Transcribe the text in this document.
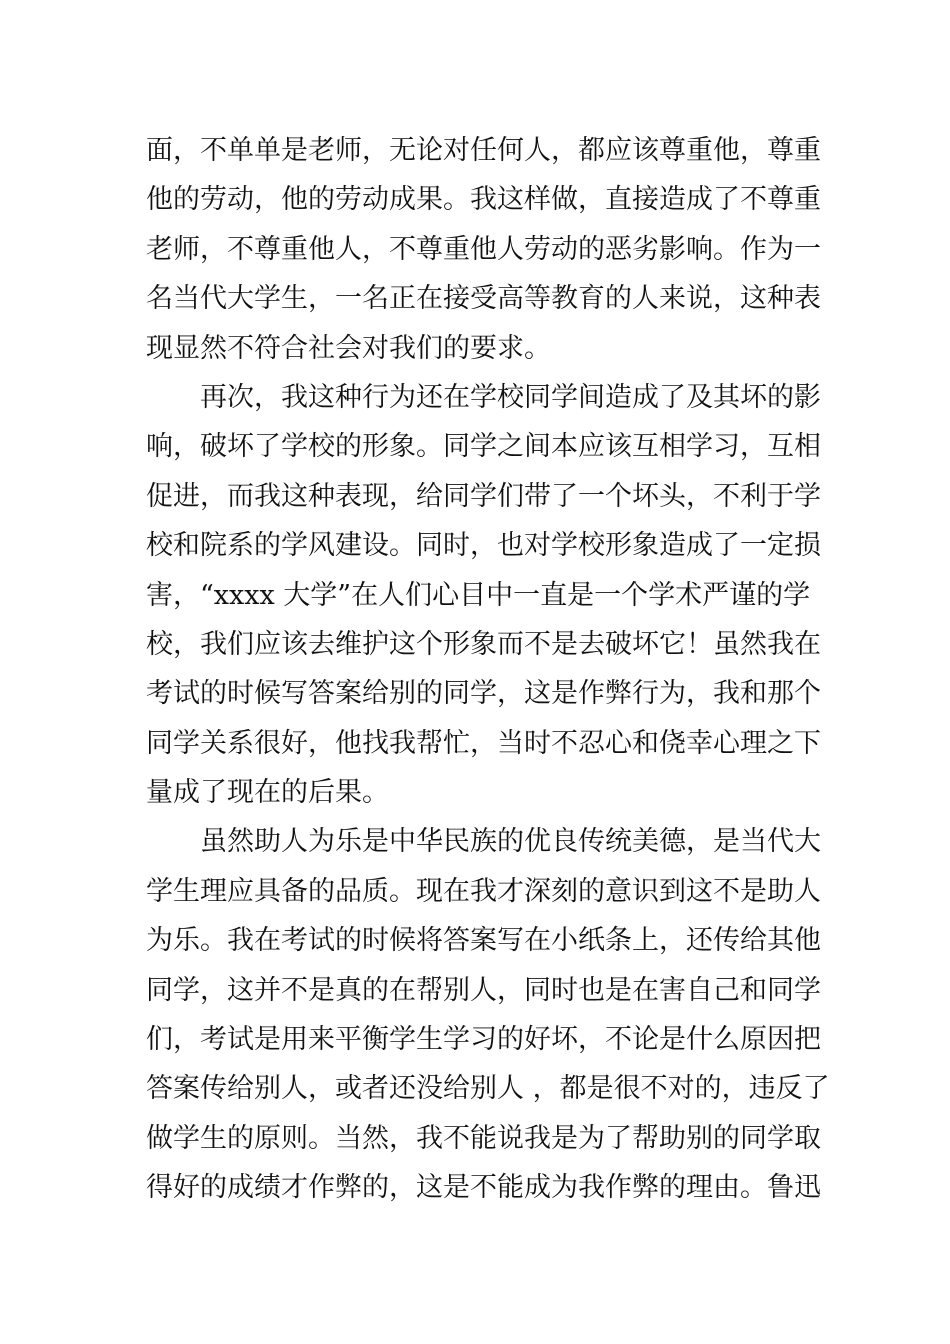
面，不单单是老师，无论对任何人，都应该尊重他，尊重
他的劳动，他的劳动成果。我这样做，直接造成了不尊重
老师，不尊重他人，不尊重他人劳动的恶劣影响。作为一
名当代大学生，一名正在接受高等教育的人来说，这种表
现显然不符合社会对我们的要求。
再次，我这种行为还在学校同学间造成了及其坏的影
响，破坏了学校的形象。同学之间本应该互相学习，互相
促进，而我这种表现，给同学们带了一个坏头，不利于学
校和院系的学风建设。同时，也对学校形象造成了一定损
害，“xxxx 大学”在人们心目中一直是一个学术严谨的学
校，我们应该去维护这个形象而不是去破坏它！虽然我在
考试的时候写答案给别的同学，这是作弊行为，我和那个
同学关系很好，他找我帮忙，当时不忍心和侥幸心理之下
量成了现在的后果。
虽然助人为乐是中华民族的优良传统美德，是当代大
学生理应具备的品质。现在我才深刻的意识到这不是助人
为乐。我在考试的时候将答案写在小纸条上，还传给其他
同学，这并不是真的在帮别人，同时也是在害自己和同学
们，考试是用来平衡学生学习的好坏，不论是什么原因把
答案传给别人，或者还没给别人 ，都是很不对的，违反了
做学生的原则。当然，我不能说我是为了帮助别的同学取
得好的成绩才作弊的，这是不能成为我作弊的理由。鲁迅
